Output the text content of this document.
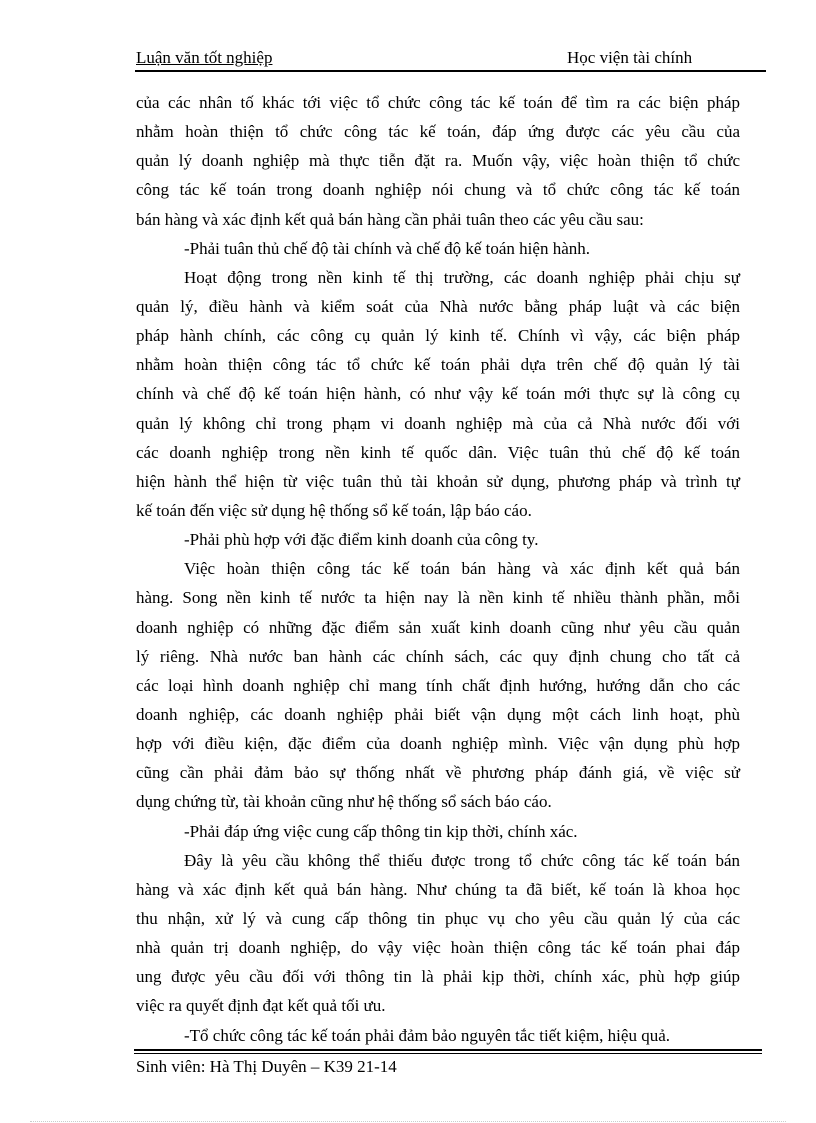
Luận văn tốt nghiệp	Học viện tài chính
của các nhân tố khác tới việc tổ chức công tác kế toán để tìm ra các biện pháp
nhằm hoàn thiện tổ chức công tác kế toán, đáp ứng được các yêu cầu của
quản lý doanh nghiệp mà thực tiễn đặt ra. Muốn vậy, việc hoàn thiện tổ chức
công tác kế toán trong doanh nghiệp nói chung và tổ chức công tác kế toán
bán hàng và xác định kết quả bán hàng cần phải tuân theo các yêu cầu sau:
-Phải tuân thủ chế độ tài chính và chế độ kế toán hiện hành.
Hoạt động trong nền kinh tế thị trường, các doanh nghiệp phải chịu sự
quản lý, điều hành và kiểm soát của Nhà nước bằng pháp luật và các biện
pháp hành chính, các công cụ quản lý kinh tế. Chính vì vậy, các biện pháp
nhằm hoàn thiện công tác tổ chức kế toán phải dựa trên chế độ quản lý tài
chính và chế độ kế toán hiện hành, có như vậy kế toán mới thực sự là công cụ
quản lý không chỉ trong phạm vi doanh nghiệp mà của cả Nhà nước đối với
các doanh nghiệp trong nền kinh tế quốc dân. Việc tuân thủ chế độ kế toán
hiện hành thể hiện từ việc tuân thủ tài khoản sử dụng, phương pháp và trình tự
kế toán đến việc sử dụng hệ thống sổ kế toán, lập báo cáo.
-Phải phù hợp với đặc điểm kinh doanh của công ty.
Việc hoàn thiện công tác kế toán bán hàng và xác định kết quả bán
hàng. Song nền kinh tế nước ta hiện nay là nền kinh tế nhiều thành phần, mỗi
doanh nghiệp có những đặc điểm sản xuất kinh doanh cũng như yêu cầu quản
lý riêng. Nhà nước ban hành các chính sách, các quy định chung cho tất cả
các loại hình doanh nghiệp chỉ mang tính chất định hướng, hướng dẫn cho các
doanh nghiệp, các doanh nghiệp phải biết vận dụng một cách linh hoạt, phù
hợp với điều kiện, đặc điểm của doanh nghiệp mình. Việc vận dụng phù hợp
cũng cần phải đảm bảo sự thống nhất về phương pháp đánh giá, về việc sử
dụng chứng từ, tài khoản cũng như hệ thống sổ sách báo cáo.
-Phải đáp ứng việc cung cấp thông tin kịp thời, chính xác.
Đây là yêu cầu không thể thiếu được trong tổ chức công tác kế toán bán
hàng và xác định kết quả bán hàng. Như chúng ta đã biết, kế toán là khoa học
thu nhận, xử lý và cung cấp thông tin phục vụ cho yêu cầu quản lý của các
nhà quản trị doanh nghiệp, do vậy việc hoàn thiện công tác kế toán phai đáp
ung được yêu cầu đối với thông tin là phải kịp thời, chính xác, phù hợp giúp
việc ra quyết định đạt kết quả tối ưu.
-Tổ chức công tác kế toán phải đảm bảo nguyên tắc tiết kiệm, hiệu quả.
Sinh viên: Hà Thị Duyên – K39 21-14
